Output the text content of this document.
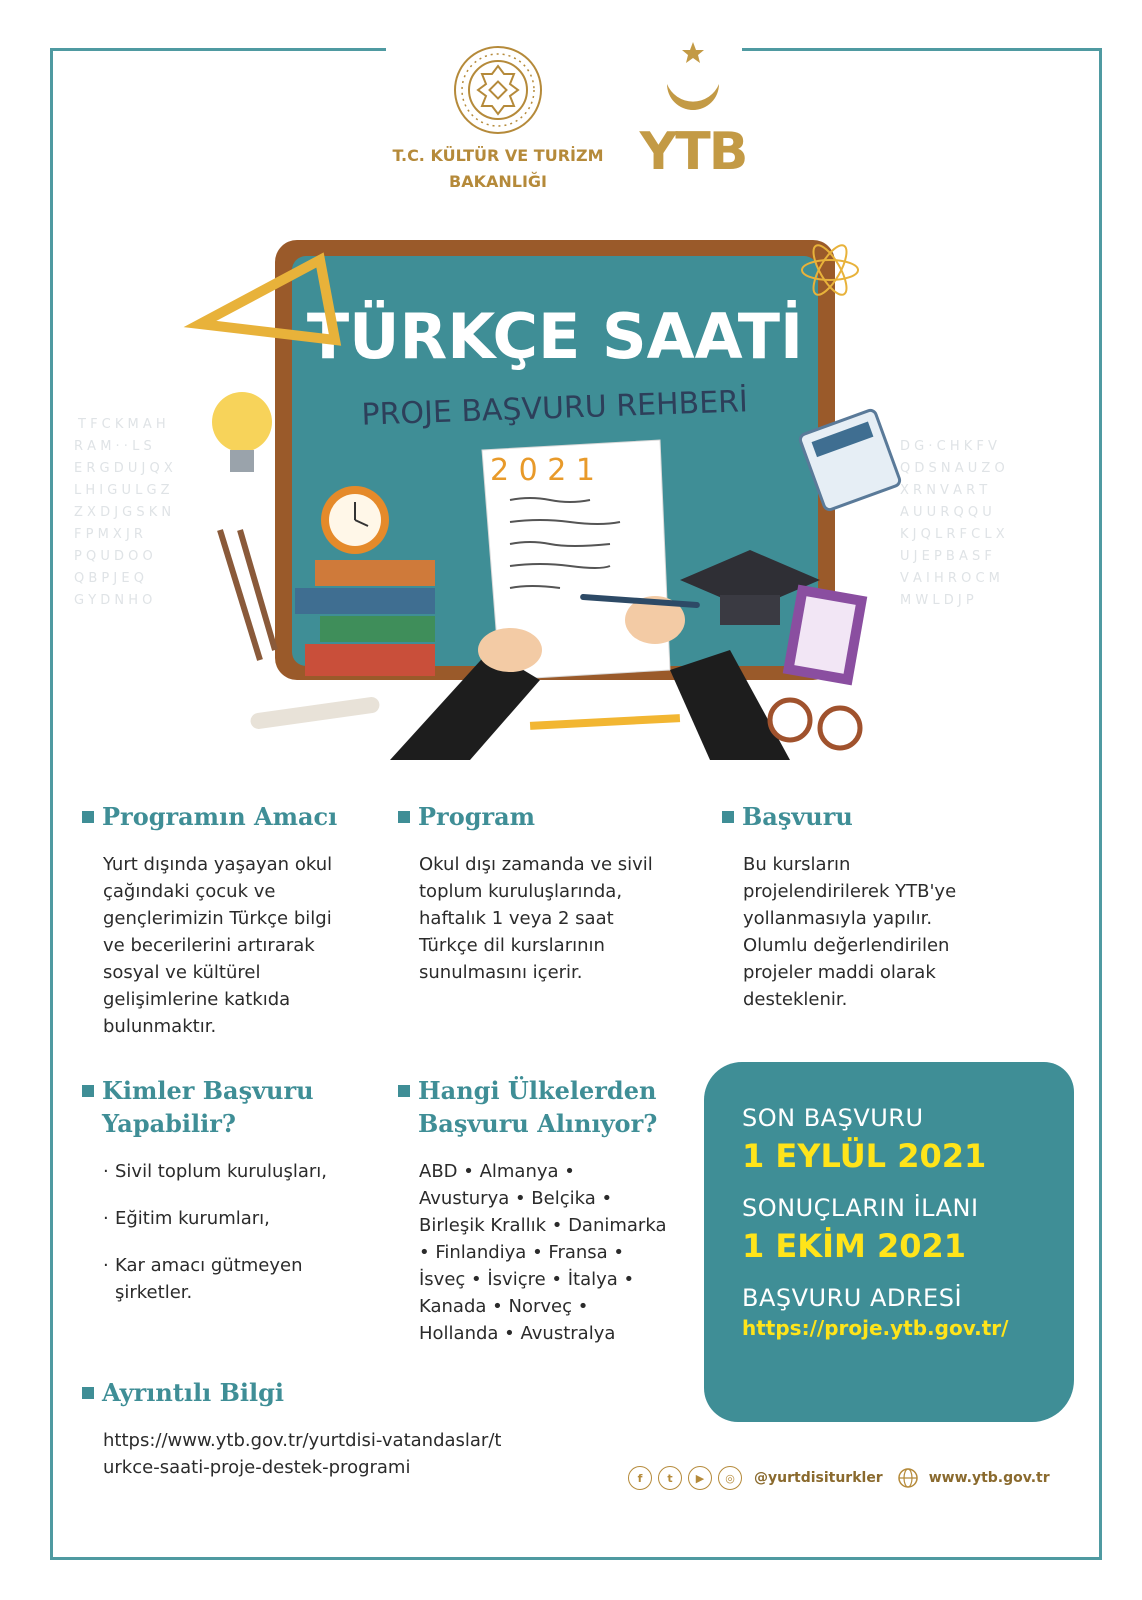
T.C. KÜLTÜR VE TURİZM
BAKANLIĞI	YTB
T F C K M A H
R A M · · L S
E R G D U J Q X
L H I G U L G Z
Z X D J G S K N
F P M X J R
P Q U D O O
Q B P J E Q
G Y D N H O
D G · C H K F V
Q D S N A U Z O
X R N V A R T
A U U R Q Q U
K J Q L R F C L X
U J E P B A S F
V A I H R O C M
M W L D J P
TÜRKÇE SAATİ
PROJE BAŞVURU REHBERİ
2 0 2 1
Programın Amacı
Yurt dışında yaşayan okul
çağındaki çocuk ve
gençlerimizin Türkçe bilgi
ve becerilerini artırarak
sosyal ve kültürel
gelişimlerine katkıda
bulunmaktır.
Program
Okul dışı zamanda ve sivil
toplum kuruluşlarında,
haftalık 1 veya 2 saat
Türkçe dil kurslarının
sunulmasını içerir.
Başvuru
Bu kursların
projelendirilerek YTB'ye
yollanmasıyla yapılır.
Olumlu değerlendirilen
projeler maddi olarak
desteklenir.
Kimler Başvuru
Yapabilir?
· Sivil toplum kuruluşları,
· Eğitim kurumları,
· Kar amacı gütmeyen şirketler.
Hangi Ülkelerden
Başvuru Alınıyor?
ABD • Almanya •
Avusturya • Belçika •
Birleşik Krallık • Danimarka
• Finlandiya • Fransa •
İsveç • İsviçre • İtalya •
Kanada • Norveç •
Hollanda • Avustralya
SON BAŞVURU
1 EYLÜL 2021
SONUÇLARIN İLANI
1 EKİM 2021
BAŞVURU ADRESİ
https://proje.ytb.gov.tr/
Ayrıntılı Bilgi
https://www.ytb.gov.tr/yurtdisi-vatandaslar/t
urkce-saati-proje-destek-programi	f	t	▶	◎	@yurtdisiturkler	www.ytb.gov.tr
